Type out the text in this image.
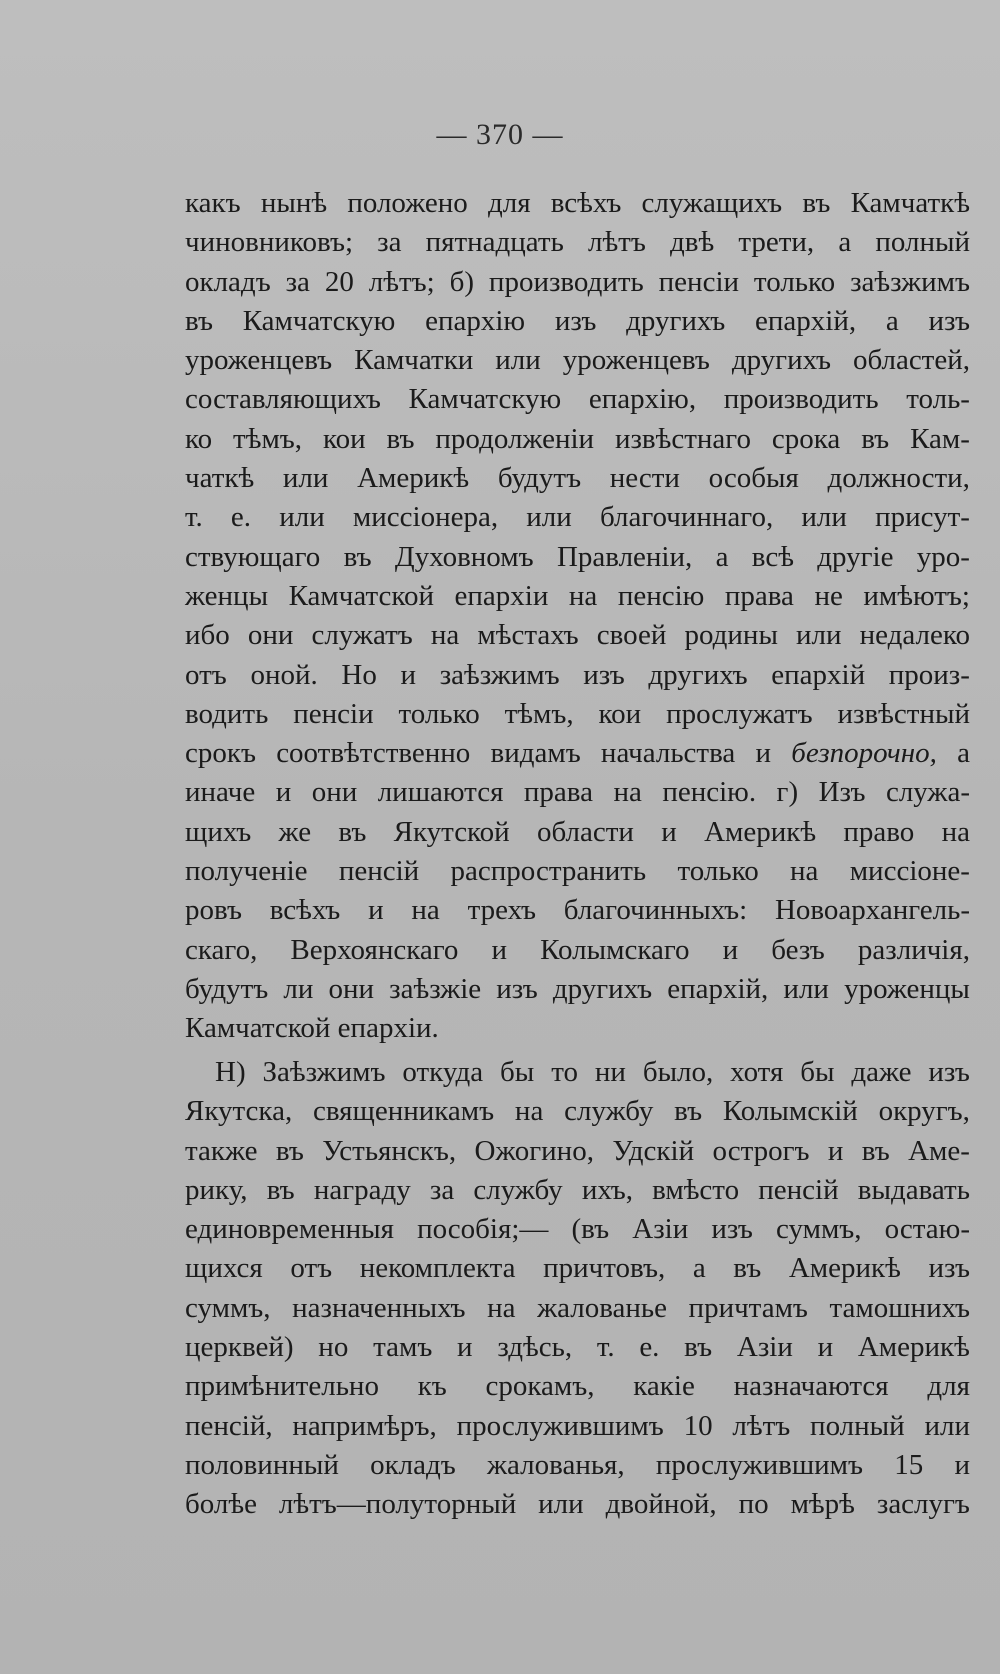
— 370 —
какъ нынѣ положено для всѣхъ служащихъ въ Камчаткѣ
чиновниковъ; за пятнадцать лѣтъ двѣ трети, а полный
окладъ за 20 лѣтъ; б) производить пенсіи только заѣзжимъ
въ Камчатскую епархію изъ другихъ епархій, а изъ
уроженцевъ Камчатки или уроженцевъ другихъ областей,
составляющихъ Камчатскую епархію, производить толь-
ко тѣмъ, кои въ продолженіи извѣстнаго срока въ Кам-
чаткѣ или Америкѣ будутъ нести особыя должности,
т. е. или миссіонера, или благочиннаго, или присут-
ствующаго въ Духовномъ Правленіи, а всѣ другіе уро-
женцы Камчатской епархіи на пенсію права не имѣютъ;
ибо они служатъ на мѣстахъ своей родины или недалеко
отъ оной. Но и заѣзжимъ изъ другихъ епархій произ-
водить пенсіи только тѣмъ, кои прослужатъ извѣстный
срокъ соотвѣтственно видамъ начальства и безпорочно, а
иначе и они лишаются права на пенсію. г) Изъ служа-
щихъ же въ Якутской области и Америкѣ право на
полученіе пенсій распространить только на миссіоне-
ровъ всѣхъ и на трехъ благочинныхъ: Новоархангель-
скаго, Верхоянскаго и Колымскаго и безъ различія,
будутъ ли они заѣзжіе изъ другихъ епархій, или уроженцы
Камчатской епархіи.
Н) Заѣзжимъ откуда бы то ни было, хотя бы даже изъ
Якутска, священникамъ на службу въ Колымскій округъ,
также въ Устьянскъ, Ожогино, Удскій острогъ и въ Аме-
рику, въ награду за службу ихъ, вмѣсто пенсій выдавать
единовременныя пособія;— (въ Азіи изъ суммъ, остаю-
щихся отъ некомплекта причтовъ, а въ Америкѣ изъ
суммъ, назначенныхъ на жалованье причтамъ тамошнихъ
церквей) но тамъ и здѣсь, т. е. въ Азіи и Америкѣ
примѣнительно къ срокамъ, какіе назначаются для
пенсій, напримѣръ, прослужившимъ 10 лѣтъ полный или
половинный окладъ жалованья, прослужившимъ 15 и
болѣе лѣтъ—полуторный или двойной, по мѣрѣ заслугъ
